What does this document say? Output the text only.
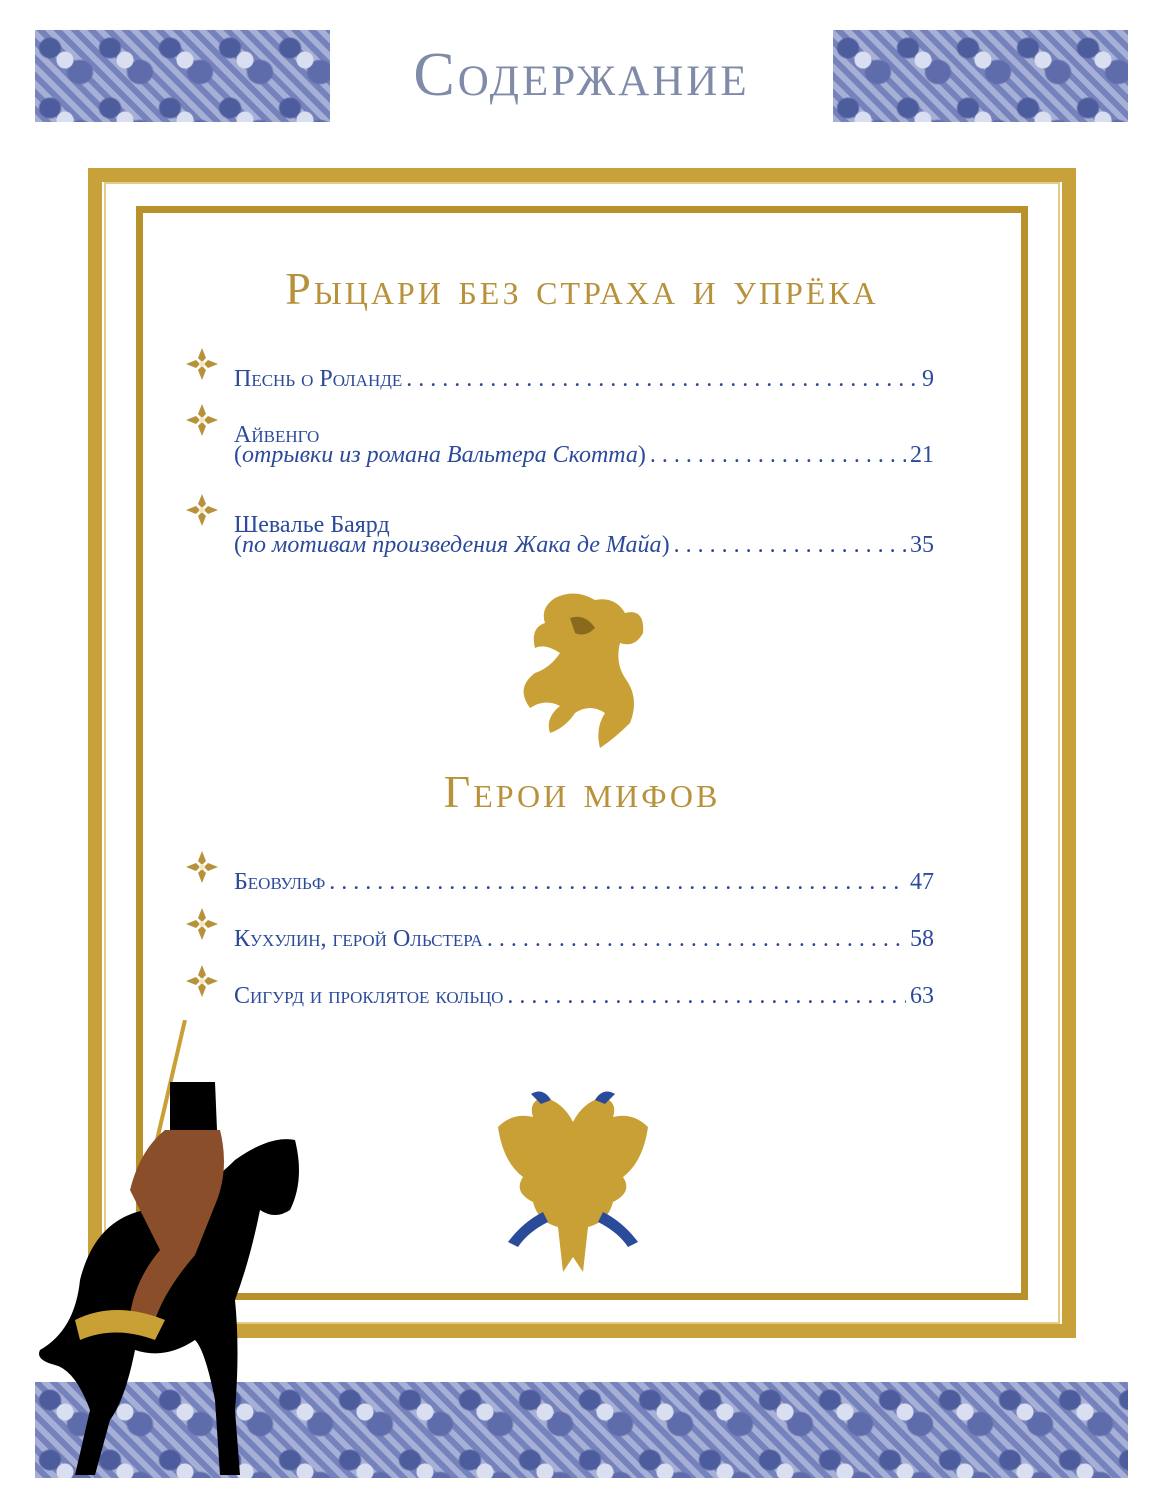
Содержание
Рыцари без страха и упрёка
Песнь о Роланде . . .	9
Айвенго
(отрывки из романа Вальтера Скотта) . . .	21
Шевалье Баярд
(по мотивам произведения Жака де Майа) . . .	35
Герои мифов
Беовульф . . .	47
Кухулин, герой Ольстера . . .	58
Сигурд и проклятое кольцо . . .	63
